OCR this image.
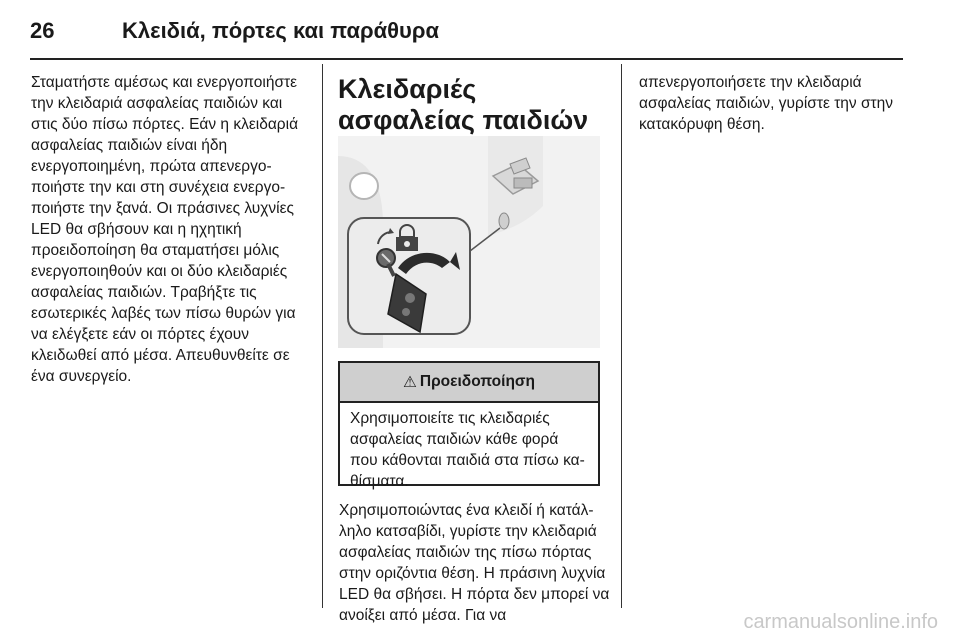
26	Κλειδιά, πόρτες και παράθυρα

Σταματήστε αμέσως και ενεργοποιήστε την κλειδαριά ασφαλείας παιδιών και στις δύο πίσω πόρτες. Εάν η κλειδαριά ασφαλείας παιδιών είναι ήδη ενεργοποιημένη, πρώτα απενεργοποιήστε την και στη συνέχεια ενεργοποιήστε την ξανά. Οι πράσινες λυχνίες LED θα σβήσουν και η ηχητική προειδοποίηση θα σταματήσει μόλις ενεργοποιηθούν και οι δύο κλειδαριές ασφαλείας παιδιών. Τραβήξτε τις εσωτερικές λαβές των πίσω θυρών για να ελέγξετε εάν οι πόρτες έχουν κλειδωθεί από μέσα. Απευθυνθείτε σε ένα συνεργείο.

Κλειδαριές ασφαλείας παιδιών
⚠ Προειδοποίηση

Χρησιμοποιείτε τις κλειδαριές ασφαλείας παιδιών κάθε φορά που κάθονται παιδιά στα πίσω καθίσματα.

Χρησιμοποιώντας ένα κλειδί ή κατάλληλο κατσαβίδι, γυρίστε την κλειδαριά ασφαλείας παιδιών της πίσω πόρτας στην οριζόντια θέση. Η πράσινη λυχνία LED θα σβήσει. Η πόρτα δεν μπορεί να ανοίξει από μέσα. Για να

απενεργοποιήσετε την κλειδαριά ασφαλείας παιδιών, γυρίστε την στην κατακόρυφη θέση.

carmanualsonline.info
